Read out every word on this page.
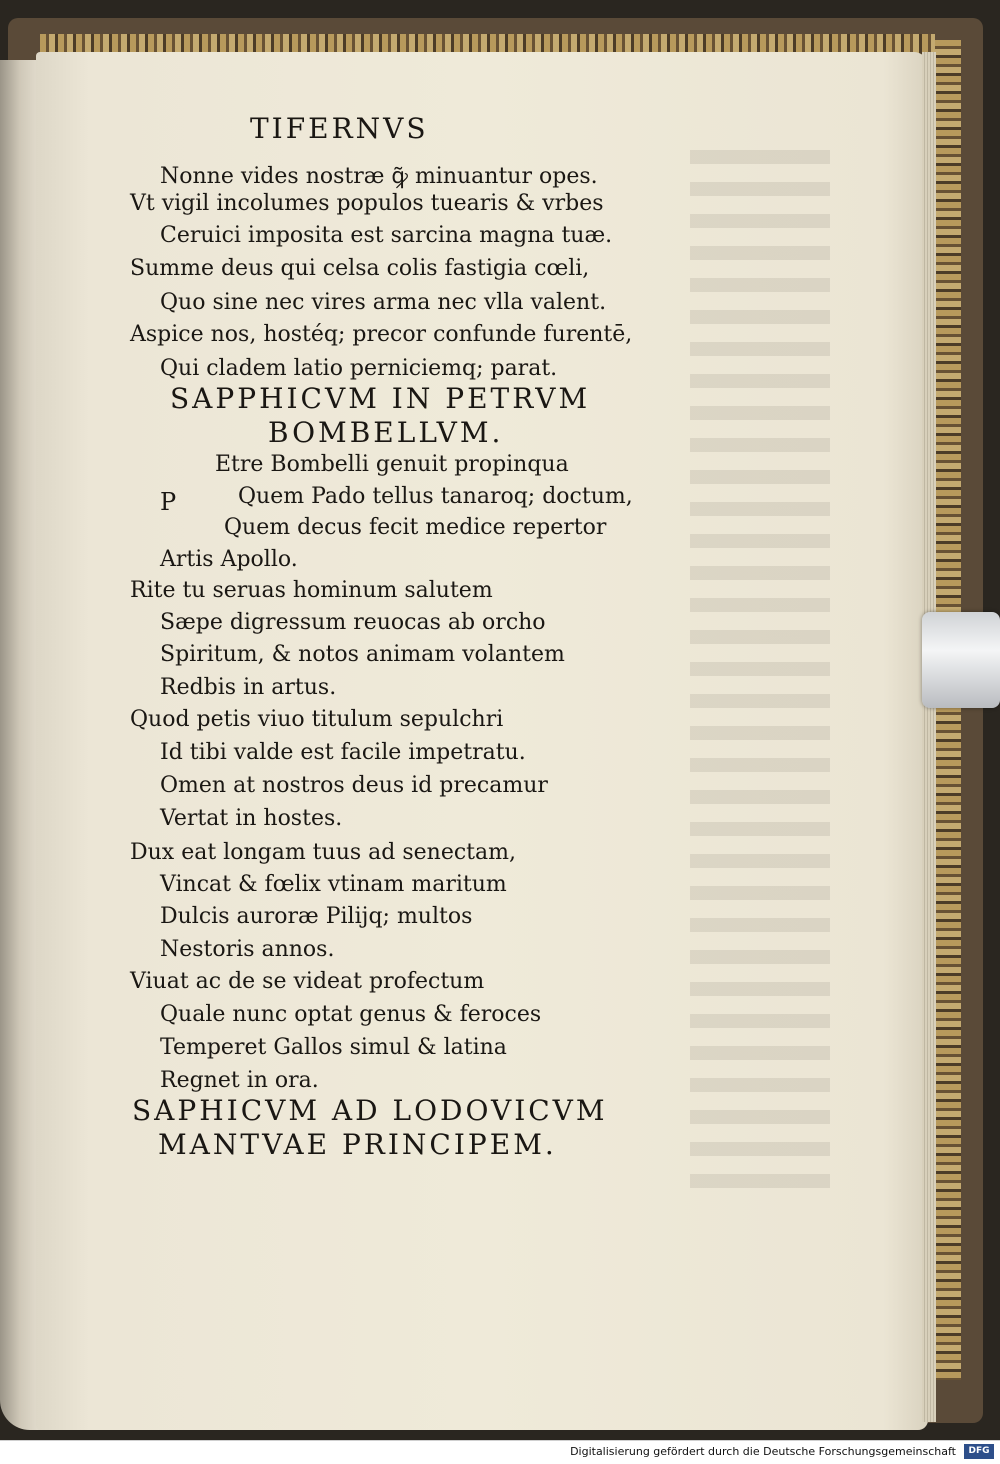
TIFERNVS
Nonne vides nostræ ꝙ̃ minuantur opes.
Vt vigil incolumes populos tuearis & vrbes
Ceruici imposita est sarcina magna tuæ.
Summe deus qui celsa colis fastigia cœli,
Quo sine nec vires arma nec vlla valent.
Aspice nos, hostéq; precor confunde furentē,
Qui cladem latio perniciemq; parat.
SAPPHICVM IN PETRVM
BOMBELLVM.
P
Etre Bombelli genuit propinqua
Quem Pado tellus tanaroq; doctum,
Quem decus fecit medice repertor
Artis Apollo.
Rite tu seruas hominum salutem
Sæpe digressum reuocas ab orcho
Spiritum, & notos animam volantem
Redbis in artus.
Quod petis viuo titulum sepulchri
Id tibi valde est facile impetratu.
Omen at nostros deus id precamur
Vertat in hostes.
Dux eat longam tuus ad senectam,
Vincat & fœlix vtinam maritum
Dulcis auroræ Pilijq; multos
Nestoris annos.
Viuat ac de se videat profectum
Quale nunc optat genus & feroces
Temperet Gallos simul & latina
Regnet in ora.
SAPHICVM AD LODOVICVM
MANTVAE PRINCIPEM.
Digitalisierung gefördert durch die Deutsche Forschungsgemeinschaft	DFG
